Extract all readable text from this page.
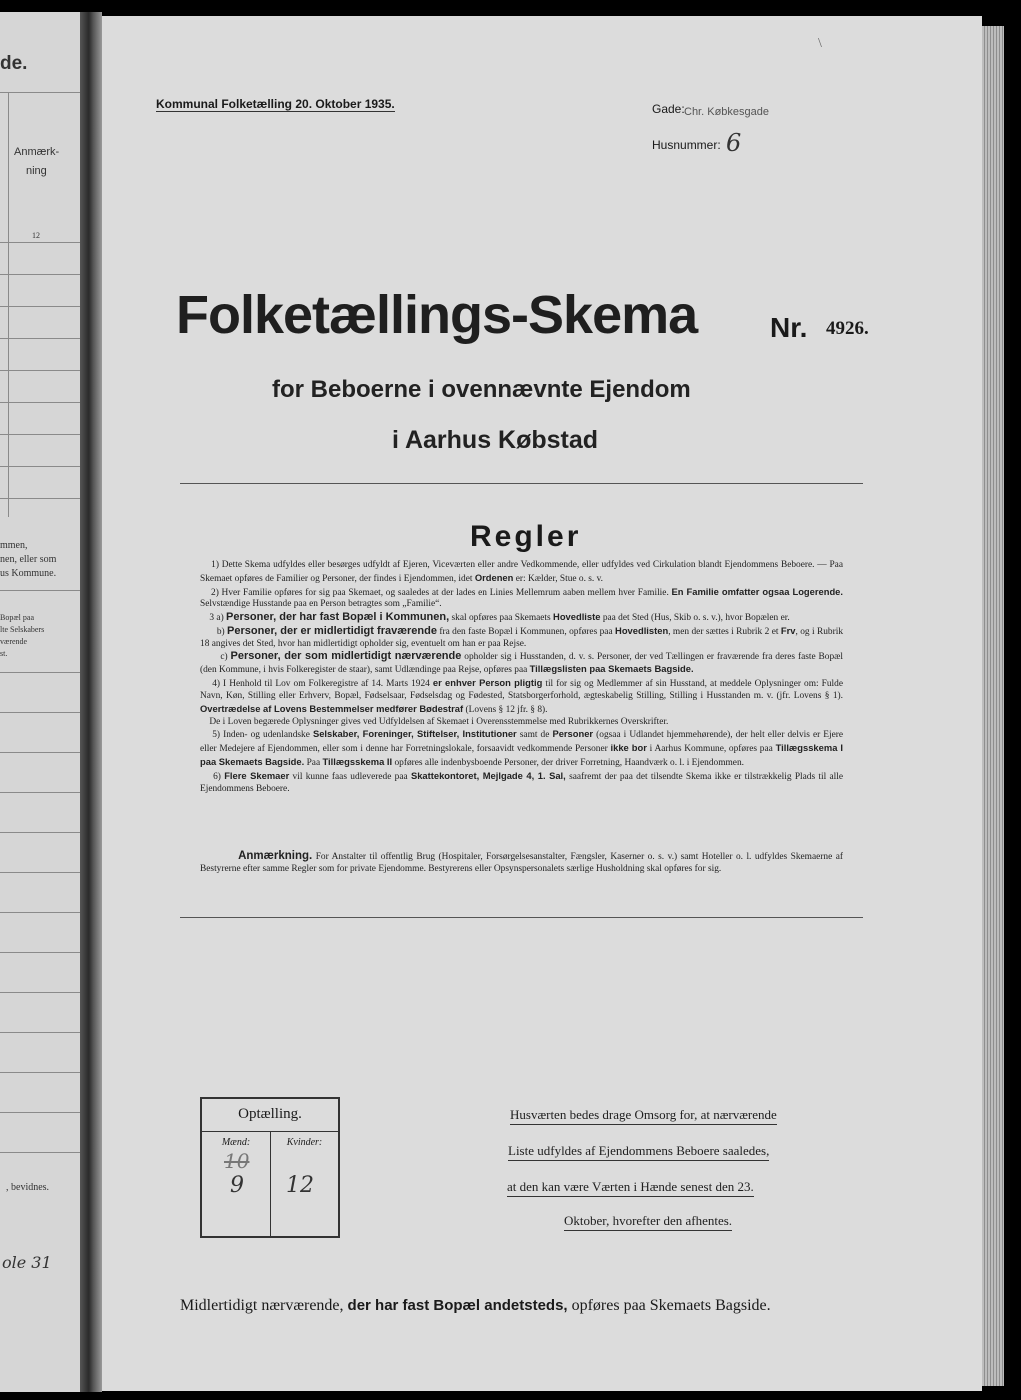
de.
Anmærk-
ning
12
mmen,
nen, eller som
us Kommune.
Bopæl paa
lte Selskabers
værende
st.
, bevidnes.
ole 31
Kommunal Folketælling 20. Oktober 1935.	Gade: Chr. Købkesgade
Husnummer: 6
\
Folketællings-Skema	Nr. 4926.
for Beboerne i ovennævnte Ejendom
i Aarhus Købstad
Regler

1) Dette Skema udfyldes eller besørges udfyldt af Ejeren, Viceværten eller andre Vedkommende, eller udfyldes ved Cirkulation blandt Ejendommens Beboere. — Paa Skemaet opføres de Familier og Personer, der findes i Ejendommen, idet Ordenen er: Kælder, Stue o. s. v.

2) Hver Familie opføres for sig paa Skemaet, og saaledes at der lades en Linies Mellemrum aaben mellem hver Familie. En Familie omfatter ogsaa Logerende. Selvstændige Husstande paa en Person betragtes som „Familie“.

3 a) Personer, der har fast Bopæl i Kommunen, skal opføres paa Skemaets Hovedliste paa det Sted (Hus, Skib o. s. v.), hvor Bopælen er.

b) Personer, der er midlertidigt fraværende fra den faste Bopæl i Kommunen, opføres paa Hovedlisten, men der sættes i Rubrik 2 et Frv, og i Rubrik 18 angives det Sted, hvor han midlertidigt opholder sig, eventuelt om han er paa Rejse.

c) Personer, der som midlertidigt nærværende opholder sig i Husstanden, d. v. s. Personer, der ved Tællingen er fraværende fra deres faste Bopæl (den Kommune, i hvis Folkeregister de staar), samt Udlændinge paa Rejse, opføres paa Tillægslisten paa Skemaets Bagside.

4) I Henhold til Lov om Folkeregistre af 14. Marts 1924 er enhver Person pligtig til for sig og Medlemmer af sin Husstand, at meddele Oplysninger om: Fulde Navn, Køn, Stilling eller Erhverv, Bopæl, Fødselsaar, Fødselsdag og Fødested, Statsborgerforhold, ægteskabelig Stilling, Stilling i Husstanden m. v. (jfr. Lovens § 1). Overtrædelse af Lovens Bestemmelser medfører Bødestraf (Lovens § 12 jfr. § 8).

De i Loven begærede Oplysninger gives ved Udfyldelsen af Skemaet i Overensstemmelse med Rubrikkernes Overskrifter.

5) Inden- og udenlandske Selskaber, Foreninger, Stiftelser, Institutioner samt de Personer (ogsaa i Udlandet hjemmehørende), der helt eller delvis er Ejere eller Medejere af Ejendommen, eller som i denne har Forretningslokale, forsaavidt vedkommende Personer ikke bor i Aarhus Kommune, opføres paa Tillægsskema I paa Skemaets Bagside. Paa Tillægsskema II opføres alle indenbysboende Personer, der driver Forretning, Haandværk o. l. i Ejendommen.

6) Flere Skemaer vil kunne faas udleverede paa Skattekontoret, Mejlgade 4, 1. Sal, saafremt der paa det tilsendte Skema ikke er tilstrækkelig Plads til alle Ejendommens Beboere.

Anmærkning. For Anstalter til offentlig Brug (Hospitaler, Forsørgelsesanstalter, Fængsler, Kaserner o. s. v.) samt Hoteller o. l. udfyldes Skemaerne af Bestyrerne efter samme Regler som for private Ejendomme. Bestyrerens eller Opsynspersonalets særlige Husholdning skal opføres for sig.

Optælling.
Mænd:	Kvinder:
10
9 12
Husværten bedes drage Omsorg for, at nærværende
Liste udfyldes af Ejendommens Beboere saaledes,
at den kan være Værten i Hænde senest den 23.
Oktober, hvorefter den afhentes.
Midlertidigt nærværende, der har fast Bopæl andetsteds, opføres paa Skemaets Bagside.
